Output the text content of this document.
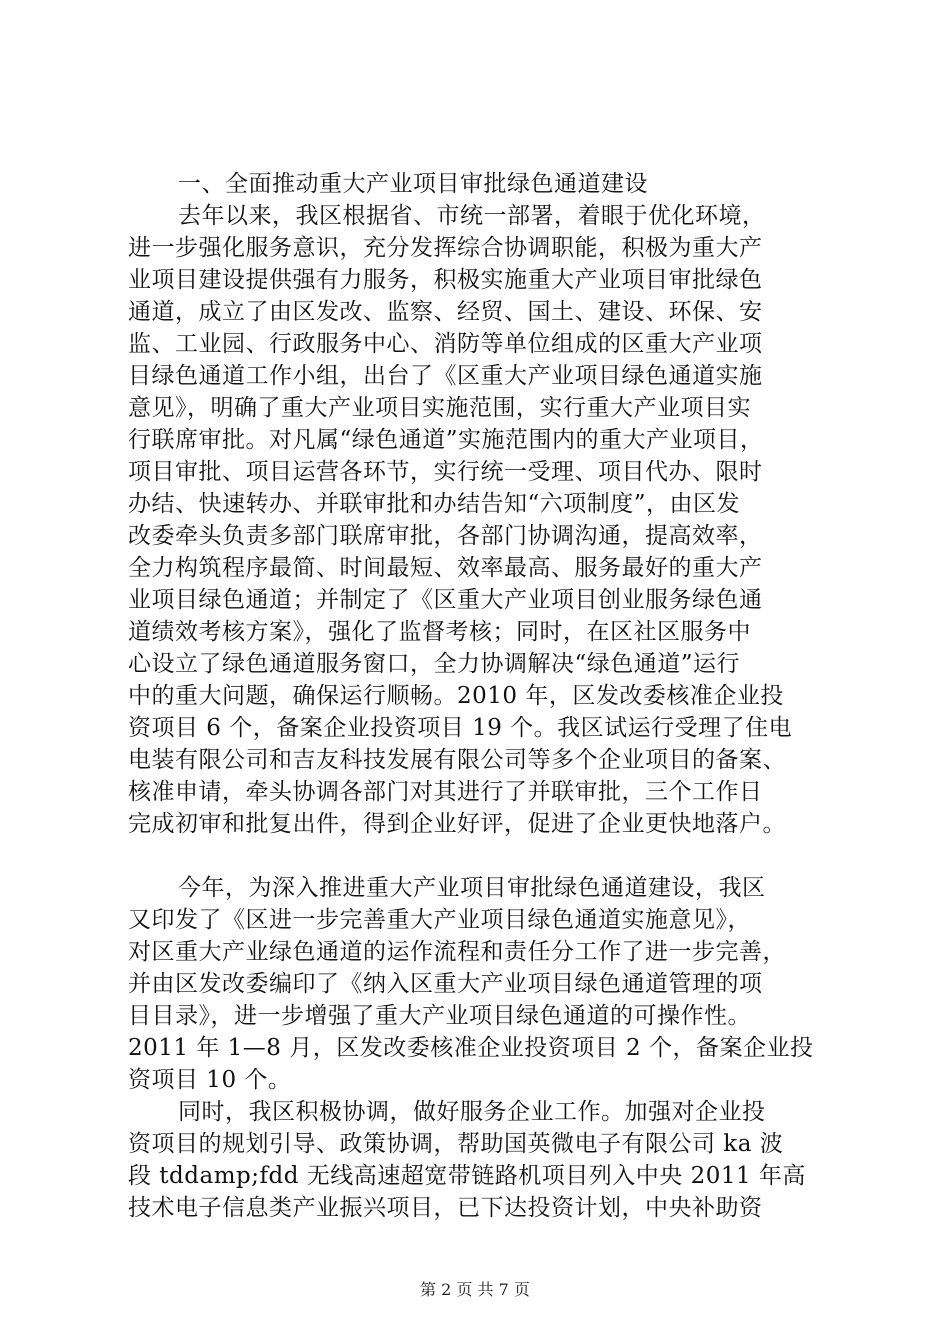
一、全面推动重大产业项目审批绿色通道建设
去年以来，我区根据省、市统一部署，着眼于优化环境，
进一步强化服务意识，充分发挥综合协调职能，积极为重大产
业项目建设提供强有力服务，积极实施重大产业项目审批绿色
通道，成立了由区发改、监察、经贸、国土、建设、环保、安
监、工业园、行政服务中心、消防等单位组成的区重大产业项
目绿色通道工作小组，出台了《区重大产业项目绿色通道实施
意见》，明确了重大产业项目实施范围，实行重大产业项目实
行联席审批。对凡属“绿色通道”实施范围内的重大产业项目，
项目审批、项目运营各环节，实行统一受理、项目代办、限时
办结、快速转办、并联审批和办结告知“六项制度”，由区发
改委牵头负责多部门联席审批，各部门协调沟通，提高效率，
全力构筑程序最简、时间最短、效率最高、服务最好的重大产
业项目绿色通道；并制定了《区重大产业项目创业服务绿色通
道绩效考核方案》，强化了监督考核；同时，在区社区服务中
心设立了绿色通道服务窗口，全力协调解决“绿色通道”运行
中的重大问题，确保运行顺畅。2010 年，区发改委核准企业投
资项目 6 个，备案企业投资项目 19 个。我区试运行受理了住电
电装有限公司和吉友科技发展有限公司等多个企业项目的备案、
核准申请，牵头协调各部门对其进行了并联审批，三个工作日
完成初审和批复出件，得到企业好评，促进了企业更快地落户。
今年，为深入推进重大产业项目审批绿色通道建设，我区
又印发了《区进一步完善重大产业项目绿色通道实施意见》，
对区重大产业绿色通道的运作流程和责任分工作了进一步完善，
并由区发改委编印了《纳入区重大产业项目绿色通道管理的项
目目录》，进一步增强了重大产业项目绿色通道的可操作性。
2011 年 1—8 月，区发改委核准企业投资项目 2 个，备案企业投
资项目 10 个。
同时，我区积极协调，做好服务企业工作。加强对企业投
资项目的规划引导、政策协调，帮助国英微电子有限公司 ka 波
段 tddamp;fdd 无线高速超宽带链路机项目列入中央 2011 年高
技术电子信息类产业振兴项目，已下达投资计划，中央补助资
第 2 页 共 7 页
